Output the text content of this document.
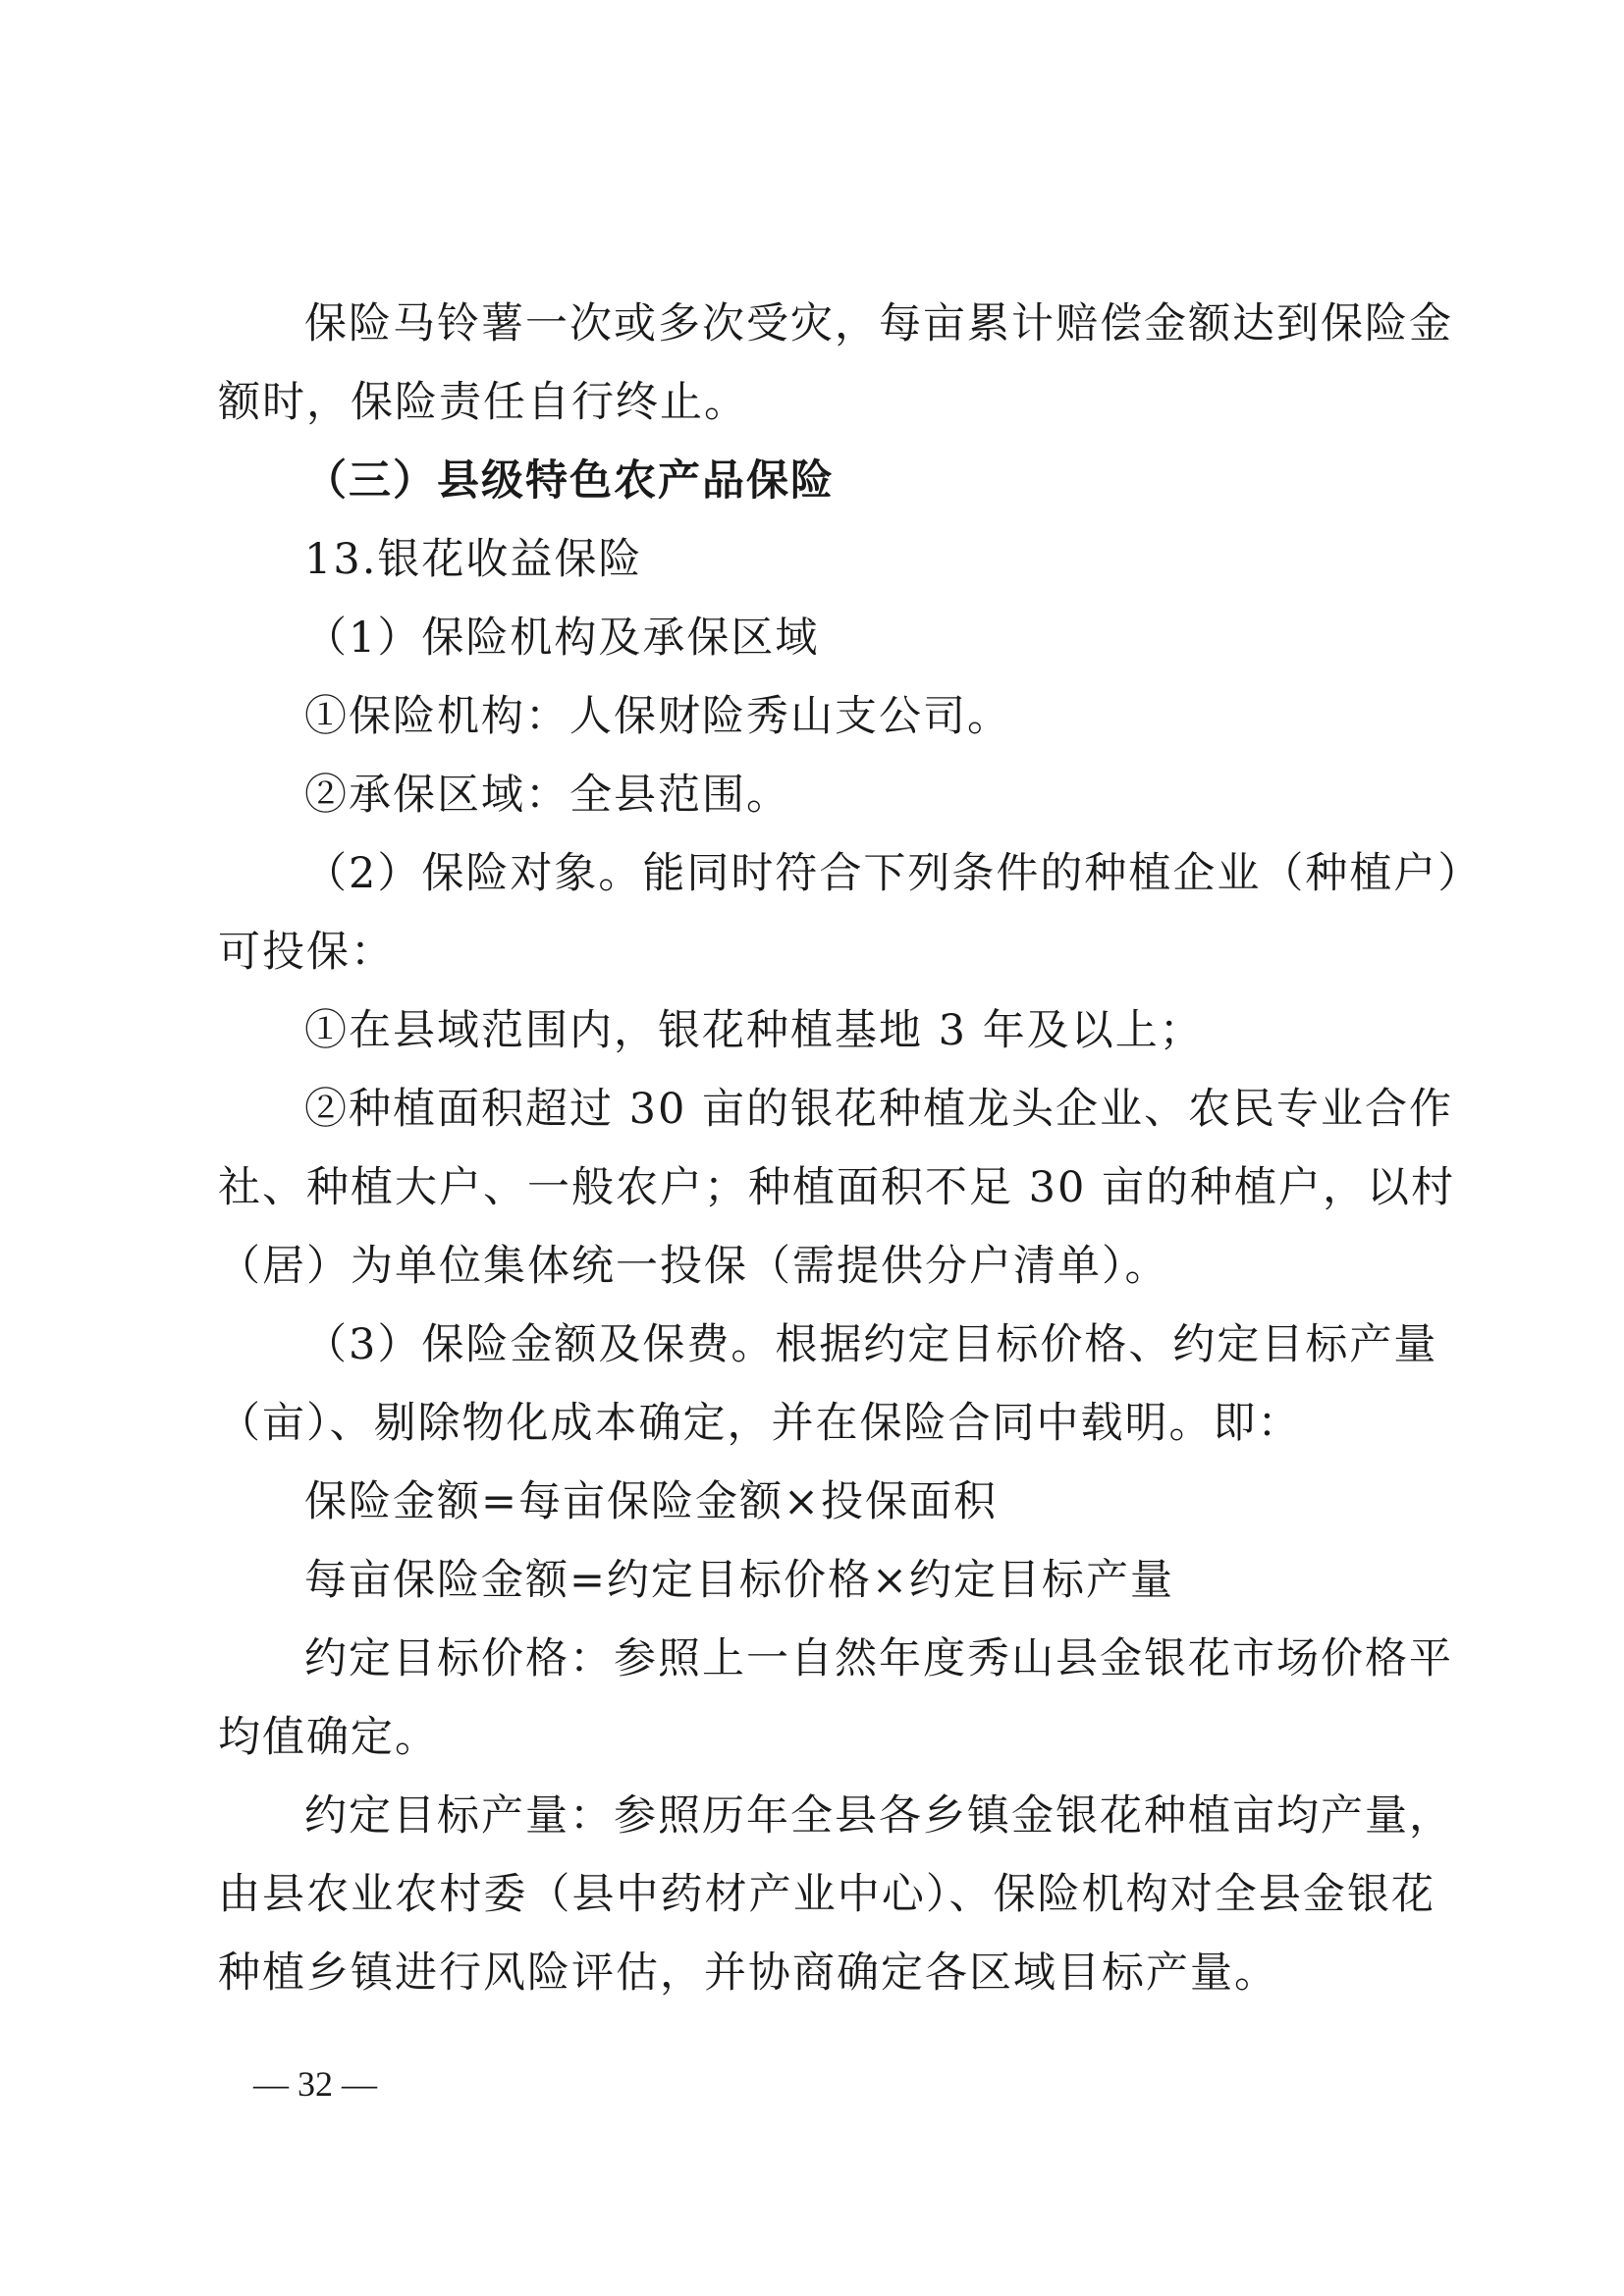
保险马铃薯一次或多次受灾，每亩累计赔偿金额达到保险金
额时，保险责任自行终止。
（三）县级特色农产品保险
13.银花收益保险
（1）保险机构及承保区域
①保险机构：人保财险秀山支公司。
②承保区域：全县范围。
（2）保险对象。能同时符合下列条件的种植企业（种植户）
可投保：
①在县域范围内，银花种植基地 3 年及以上；
②种植面积超过 30 亩的银花种植龙头企业、农民专业合作
社、种植大户、一般农户；种植面积不足 30 亩的种植户，以村
（居）为单位集体统一投保（需提供分户清单）。
（3）保险金额及保费。根据约定目标价格、约定目标产量
（亩）、剔除物化成本确定，并在保险合同中载明。即：
保险金额=每亩保险金额×投保面积
每亩保险金额=约定目标价格×约定目标产量
约定目标价格：参照上一自然年度秀山县金银花市场价格平
均值确定。
约定目标产量：参照历年全县各乡镇金银花种植亩均产量，
由县农业农村委（县中药材产业中心）、保险机构对全县金银花
种植乡镇进行风险评估，并协商确定各区域目标产量。
— 32 —
